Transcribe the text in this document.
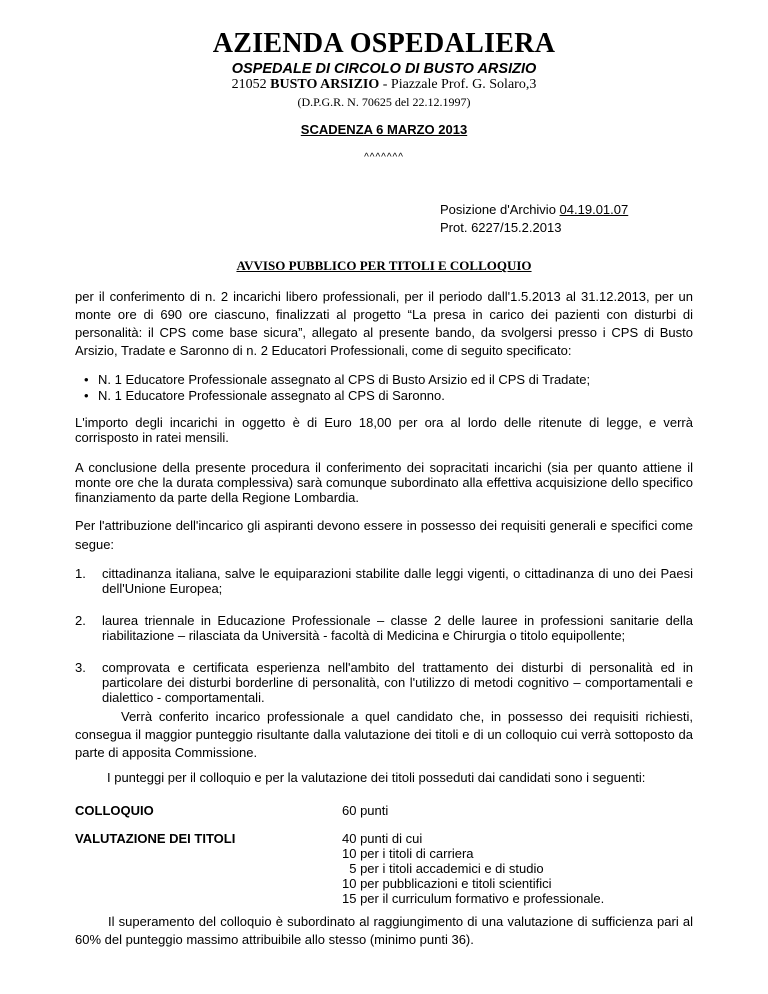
AZIENDA OSPEDALIERA
OSPEDALE DI CIRCOLO DI BUSTO ARSIZIO
21052 BUSTO ARSIZIO - Piazzale Prof. G. Solaro,3
(D.P.G.R. N. 70625 del 22.12.1997)
SCADENZA 6 MARZO 2013
^^^^^^^
Posizione d'Archivio 04.19.01.07
Prot. 6227/15.2.2013
AVVISO PUBBLICO PER TITOLI E COLLOQUIO
per il conferimento di n. 2 incarichi libero professionali, per il periodo dall'1.5.2013 al 31.12.2013, per un monte ore di 690 ore ciascuno, finalizzati al progetto “La presa in carico dei pazienti con disturbi di personalità: il CPS come base sicura”, allegato al presente bando, da svolgersi presso i CPS di Busto Arsizio, Tradate e Saronno di n. 2 Educatori Professionali, come di seguito specificato:
• N. 1 Educatore Professionale assegnato al CPS di Busto Arsizio ed il CPS di Tradate;
• N. 1 Educatore Professionale assegnato al CPS di Saronno.
L'importo degli incarichi in oggetto è di Euro 18,00 per ora al lordo delle ritenute di legge, e verrà corrisposto in ratei mensili.
A conclusione della presente procedura il conferimento dei sopracitati incarichi (sia per quanto attiene il monte ore che la durata complessiva) sarà comunque subordinato alla effettiva acquisizione dello specifico finanziamento da parte della Regione Lombardia.
Per l'attribuzione dell'incarico gli aspiranti devono essere in possesso dei requisiti generali e specifici come segue:
1. cittadinanza italiana, salve le equiparazioni stabilite dalle leggi vigenti, o cittadinanza di uno dei Paesi dell'Unione Europea;
2. laurea triennale in Educazione Professionale – classe 2 delle lauree in professioni sanitarie della riabilitazione – rilasciata da Università - facoltà di Medicina e Chirurgia o titolo equipollente;
3. comprovata e certificata esperienza nell'ambito del trattamento dei disturbi di personalità ed in particolare dei disturbi borderline di personalità, con l'utilizzo di metodi cognitivo – comportamentali e dialettico - comportamentali.
Verrà conferito incarico professionale a quel candidato che, in possesso dei requisiti richiesti, consegua il maggior punteggio risultante dalla valutazione dei titoli e di un colloquio cui verrà sottoposto da parte di apposita Commissione.
I punteggi per il colloquio e per la valutazione dei titoli posseduti dai candidati sono i seguenti:
COLLOQUIO	60 punti
VALUTAZIONE DEI TITOLI	40 punti di cui
10 per i titoli di carriera
5 per i titoli accademici e di studio
10 per pubblicazioni e titoli scientifici
15 per il curriculum formativo e professionale.
Il superamento del colloquio è subordinato al raggiungimento di una valutazione di sufficienza pari al 60% del punteggio massimo attribuibile allo stesso (minimo punti 36).
